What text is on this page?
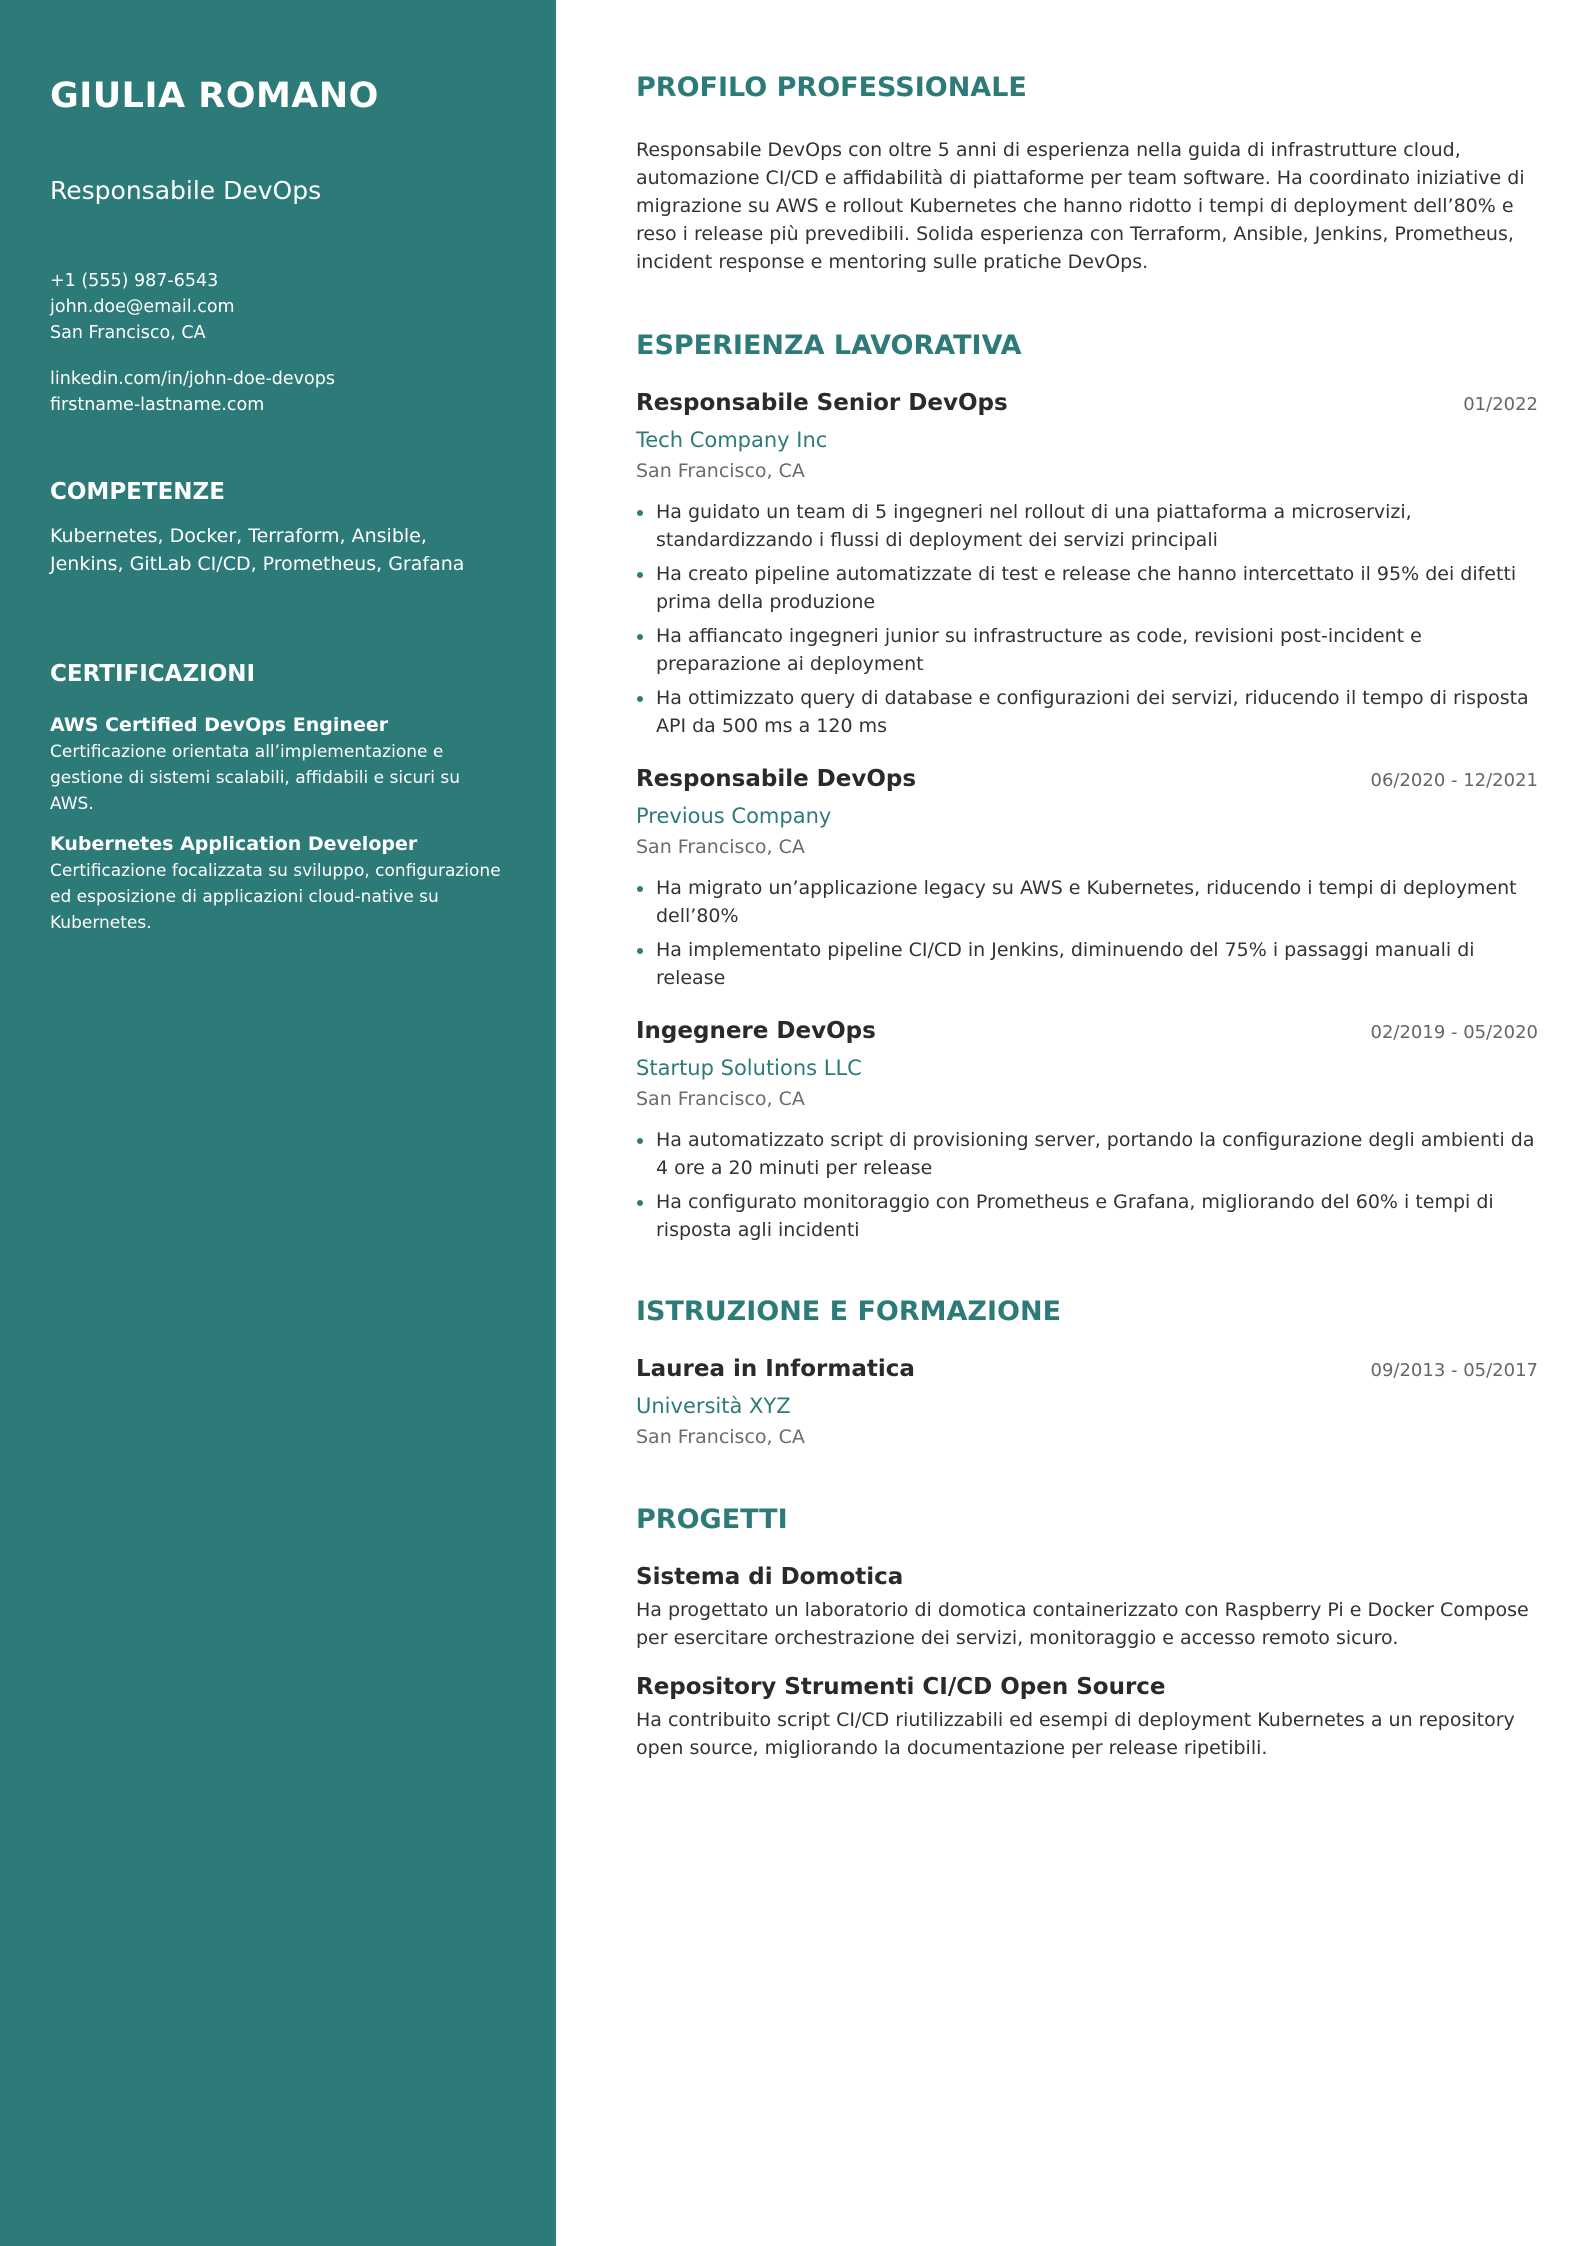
GIULIA ROMANO
Responsabile DevOps
+1 (555) 987-6543
john.doe@email.com
San Francisco, CA
linkedin.com/in/john-doe-devops
firstname-lastname.com
COMPETENZE
Kubernetes, Docker, Terraform, Ansible, Jenkins, GitLab CI/CD, Prometheus, Grafana
CERTIFICAZIONI
AWS Certified DevOps Engineer
Certificazione orientata all’implementazione e gestione di sistemi scalabili, affidabili e sicuri su AWS.
Kubernetes Application Developer
Certificazione focalizzata su sviluppo, configurazione ed esposizione di applicazioni cloud-native su Kubernetes.
PROFILO PROFESSIONALE
Responsabile DevOps con oltre 5 anni di esperienza nella guida di infrastrutture cloud, automazione CI/CD e affidabilità di piattaforme per team software. Ha coordinato iniziative di migrazione su AWS e rollout Kubernetes che hanno ridotto i tempi di deployment dell’80% e reso i release più prevedibili. Solida esperienza con Terraform, Ansible, Jenkins, Prometheus, incident response e mentoring sulle pratiche DevOps.
ESPERIENZA LAVORATIVA
Responsabile Senior DevOps	01/2022
Tech Company Inc
San Francisco, CA
Ha guidato un team di 5 ingegneri nel rollout di una piattaforma a microservizi, standardizzando i flussi di deployment dei servizi principali
Ha creato pipeline automatizzate di test e release che hanno intercettato il 95% dei difetti prima della produzione
Ha affiancato ingegneri junior su infrastructure as code, revisioni post-incident e preparazione ai deployment
Ha ottimizzato query di database e configurazioni dei servizi, riducendo il tempo di risposta API da 500 ms a 120 ms
Responsabile DevOps	06/2020 - 12/2021
Previous Company
San Francisco, CA
Ha migrato un’applicazione legacy su AWS e Kubernetes, riducendo i tempi di deployment dell’80%
Ha implementato pipeline CI/CD in Jenkins, diminuendo del 75% i passaggi manuali di release
Ingegnere DevOps	02/2019 - 05/2020
Startup Solutions LLC
San Francisco, CA
Ha automatizzato script di provisioning server, portando la configurazione degli ambienti da 4 ore a 20 minuti per release
Ha configurato monitoraggio con Prometheus e Grafana, migliorando del 60% i tempi di risposta agli incidenti
ISTRUZIONE E FORMAZIONE
Laurea in Informatica	09/2013 - 05/2017
Università XYZ
San Francisco, CA
PROGETTI
Sistema di Domotica
Ha progettato un laboratorio di domotica containerizzato con Raspberry Pi e Docker Compose per esercitare orchestrazione dei servizi, monitoraggio e accesso remoto sicuro.
Repository Strumenti CI/CD Open Source
Ha contribuito script CI/CD riutilizzabili ed esempi di deployment Kubernetes a un repository open source, migliorando la documentazione per release ripetibili.
